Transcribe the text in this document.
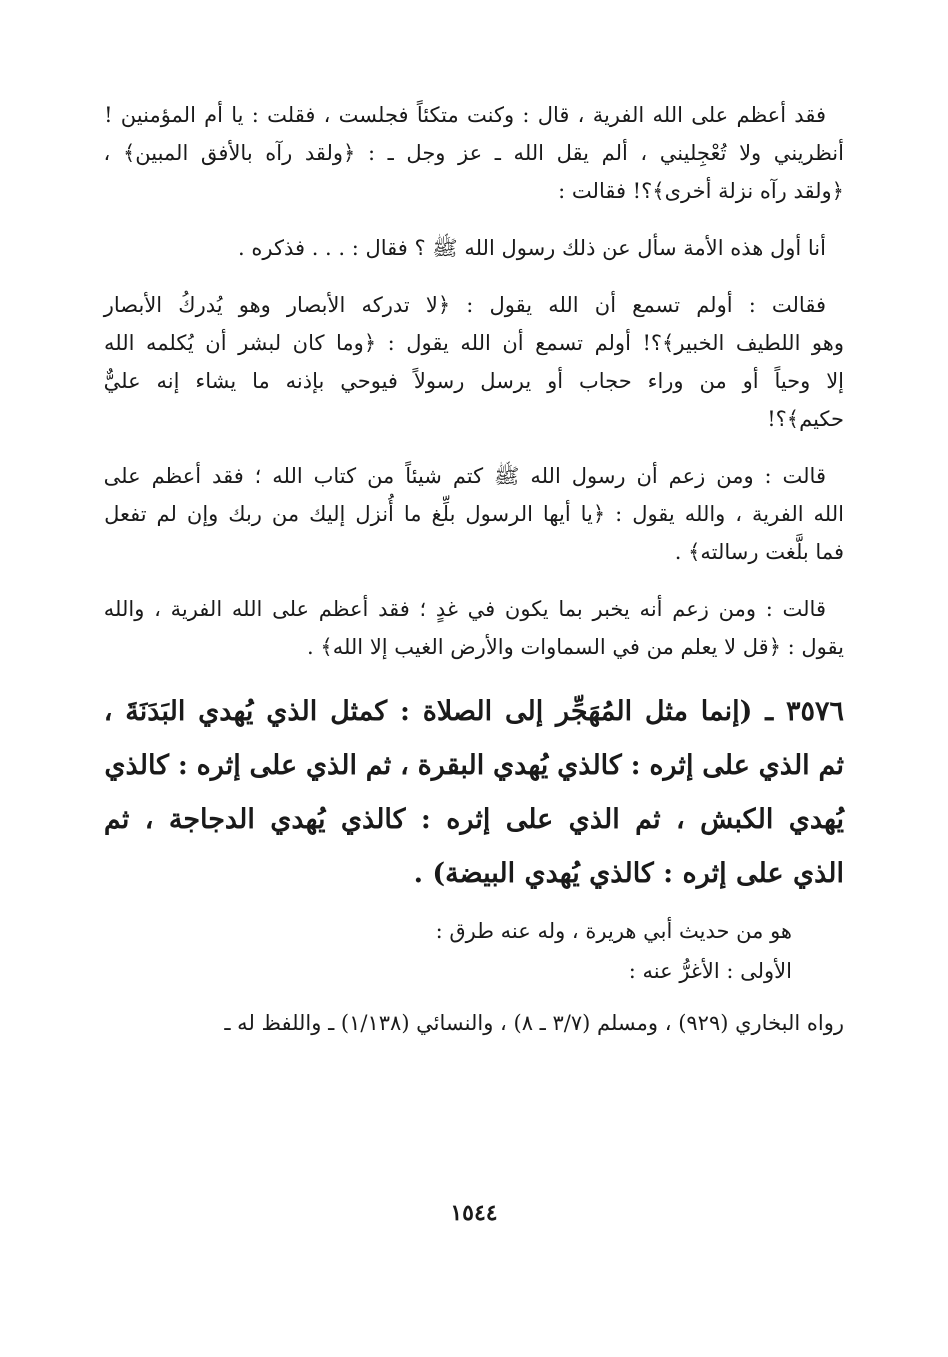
فقد أعظم على الله الفرية ، قال : وكنت متكئاً فجلست ، فقلت : يا أم المؤمنين !
أنظريني ولا تُعْجِليني ، ألم يقل الله ـ عز وجل ـ : ﴿ولقد رآه بالأفق المبين﴾ ،
﴿ولقد رآه نزلة أخرى﴾؟! فقالت :
أنا أول هذه الأمة سأل عن ذلك رسول الله ﷺ ؟ فقال : . . . فذكره .
فقالت : أولم تسمع أن الله يقول : ﴿لا تدركه الأبصار وهو يُدركُ الأبصار
وهو اللطيف الخبير﴾؟! أولم تسمع أن الله يقول : ﴿وما كان لبشر أن يُكلمه الله
إلا وحياً أو من وراء حجاب أو يرسل رسولاً فيوحي بإذنه ما يشاء إنه عليٌّ
حكيم﴾؟!
قالت : ومن زعم أن رسول الله ﷺ كتم شيئاً من كتاب الله ؛ فقد أعظم على
الله الفرية ، والله يقول : ﴿يا أيها الرسول بلِّغ ما أُنزل إليك من ربك وإن لم تفعل
فما بلَّغت رسالته﴾ .
قالت : ومن زعم أنه يخبر بما يكون في غدٍ ؛ فقد أعظم على الله الفرية ، والله
يقول : ﴿قل لا يعلم من في السماوات والأرض الغيب إلا الله﴾ .
٣٥٧٦ ـ (إنما مثل المُهَجِّر إلى الصلاة : كمثل الذي يُهدي البَدَنَةَ ،
ثم الذي على إثره : كالذي يُهدي البقرة ، ثم الذي على إثره : كالذي
يُهدي الكبش ، ثم الذي على إثره : كالذي يُهدي الدجاجة ، ثم
الذي على إثره : كالذي يُهدي البيضة) .

هو من حديث أبي هريرة ، وله عنه طرق :

الأولى : الأغرُّ عنه :

رواه البخاري (٩٢٩) ، ومسلم (٣/٧ ـ ٨) ، والنسائي (١/١٣٨) ـ واللفظ له ـ

١٥٤٤
